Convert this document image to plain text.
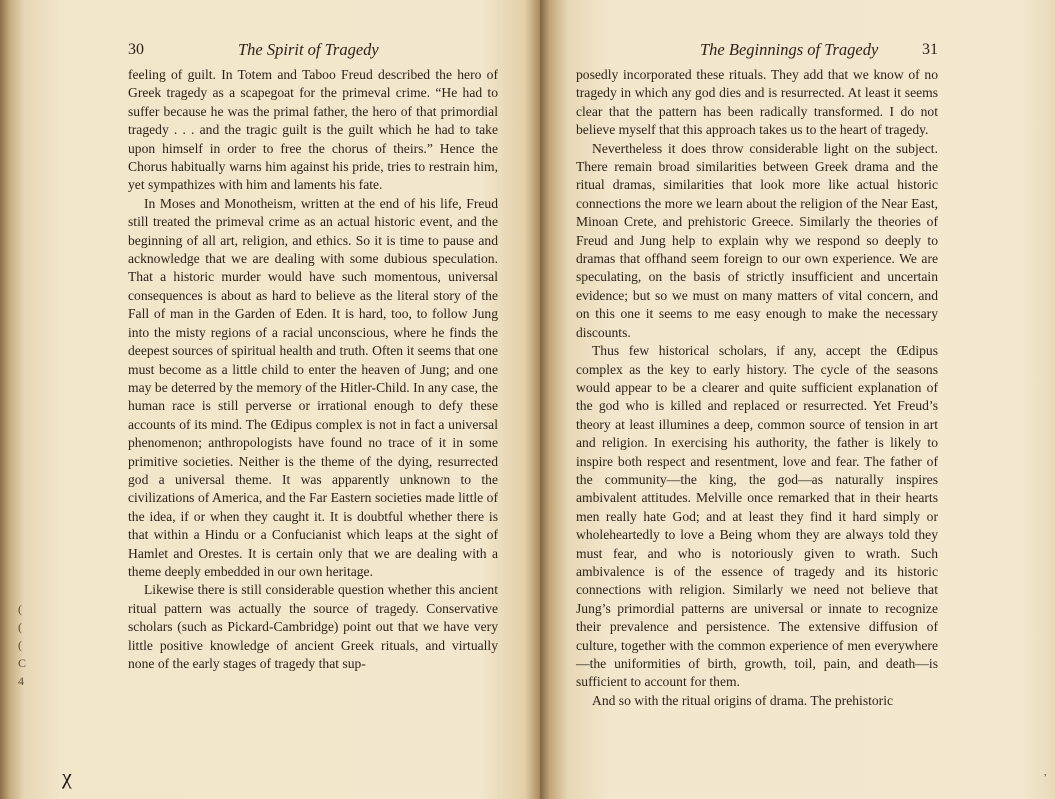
30	The Spirit of Tragedy

feeling of guilt. In Totem and Taboo Freud described the hero of Greek tragedy as a scapegoat for the primeval crime. “He had to suffer because he was the primal father, the hero of that primordial tragedy . . . and the tragic guilt is the guilt which he had to take upon himself in order to free the chorus of theirs.” Hence the Chorus habitually warns him against his pride, tries to restrain him, yet sympathizes with him and laments his fate.

In Moses and Monotheism, written at the end of his life, Freud still treated the primeval crime as an actual historic event, and the beginning of all art, religion, and ethics. So it is time to pause and acknowledge that we are dealing with some dubious speculation. That a historic murder would have such momentous, universal consequences is about as hard to believe as the literal story of the Fall of man in the Garden of Eden. It is hard, too, to follow Jung into the misty regions of a racial unconscious, where he finds the deepest sources of spiritual health and truth. Often it seems that one must become as a little child to enter the heaven of Jung; and one may be deterred by the memory of the Hitler-Child. In any case, the human race is still perverse or irrational enough to defy these accounts of its mind. The Œdipus complex is not in fact a universal phenomenon; anthropologists have found no trace of it in some primitive societies. Neither is the theme of the dying, resurrected god a universal theme. It was apparently unknown to the civilizations of America, and the Far Eastern societies made little of the idea, if or when they caught it. It is doubtful whether there is that within a Hindu or a Confucianist which leaps at the sight of Hamlet and Orestes. It is certain only that we are dealing with a theme deeply embedded in our own heritage.

Likewise there is still considerable question whether this ancient ritual pattern was actually the source of tragedy. Conservative scholars (such as Pickard-Cambridge) point out that we have very little positive knowledge of ancient Greek rituals, and virtually none of the early stages of tragedy that sup-

(
(
(
C
4
χ
The Beginnings of Tragedy	31

posedly incorporated these rituals. They add that we know of no tragedy in which any god dies and is resurrected. At least it seems clear that the pattern has been radically transformed. I do not believe myself that this approach takes us to the heart of tragedy.

Nevertheless it does throw considerable light on the subject. There remain broad similarities between Greek drama and the ritual dramas, similarities that look more like actual historic connections the more we learn about the religion of the Near East, Minoan Crete, and prehistoric Greece. Similarly the theories of Freud and Jung help to explain why we respond so deeply to dramas that offhand seem foreign to our own experience. We are speculating, on the basis of strictly insufficient and uncertain evidence; but so we must on many matters of vital concern, and on this one it seems to me easy enough to make the necessary discounts.

Thus few historical scholars, if any, accept the Œdipus complex as the key to early history. The cycle of the seasons would appear to be a clearer and quite sufficient explanation of the god who is killed and replaced or resurrected. Yet Freud’s theory at least illumines a deep, common source of tension in art and religion. In exercising his authority, the father is likely to inspire both respect and resentment, love and fear. The father of the community—the king, the god—as naturally inspires ambivalent attitudes. Melville once remarked that in their hearts men really hate God; and at least they find it hard simply or wholeheartedly to love a Being whom they are always told they must fear, and who is notoriously given to wrath. Such ambivalence is of the essence of tragedy and its historic connections with religion. Similarly we need not believe that Jung’s primordial patterns are universal or innate to recognize their prevalence and persistence. The extensive diffusion of culture, together with the common experience of men everywhere—the uniformities of birth, growth, toil, pain, and death—is sufficient to account for them.

And so with the ritual origins of drama. The prehistoric

’
